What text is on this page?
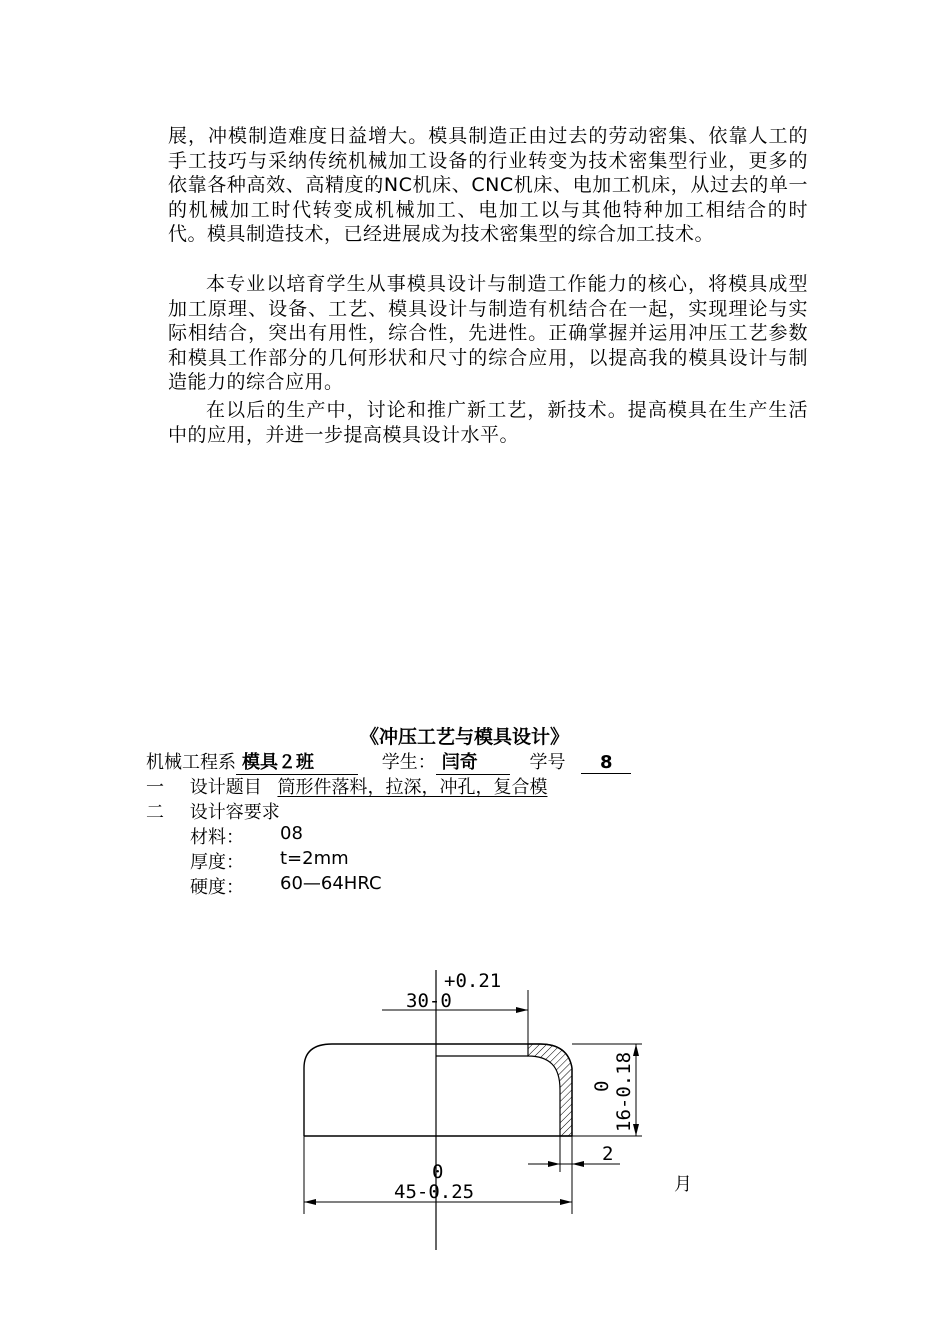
展，冲模制造难度日益增大。模具制造正由过去的劳动密集、依靠人工的手工技巧与采纳传统机械加工设备的行业转变为技术密集型行业，更多的依靠各种高效、高精度的NC机床、CNC机床、电加工机床，从过去的单一的机械加工时代转变成机械加工、电加工以与其他特种加工相结合的时代。模具制造技术，已经进展成为技术密集型的综合加工技术。

本专业以培育学生从事模具设计与制造工作能力的核心，将模具成型加工原理、设备、工艺、模具设计与制造有机结合在一起，实现理论与实际相结合，突出有用性，综合性，先进性。正确掌握并运用冲压工艺参数和模具工作部分的几何形状和尺寸的综合应用，以提高我的模具设计与制造能力的综合应用。

在以后的生产中，讨论和推广新工艺，新技术。提高模具在生产生活中的应用，并进一步提高模具设计水平。

《冲压工艺与模具设计》
机械工程系 模具２班	学生： 闫奇	学号 8
一 设计题目 筒形件落料，拉深，冲孔，复合模
二 设计容要求
材料： 08
厚度： t=2mm
硬度： 60—64HRC
+0.21
30-0
0 16-0.18
2
0
45-0.25	月
